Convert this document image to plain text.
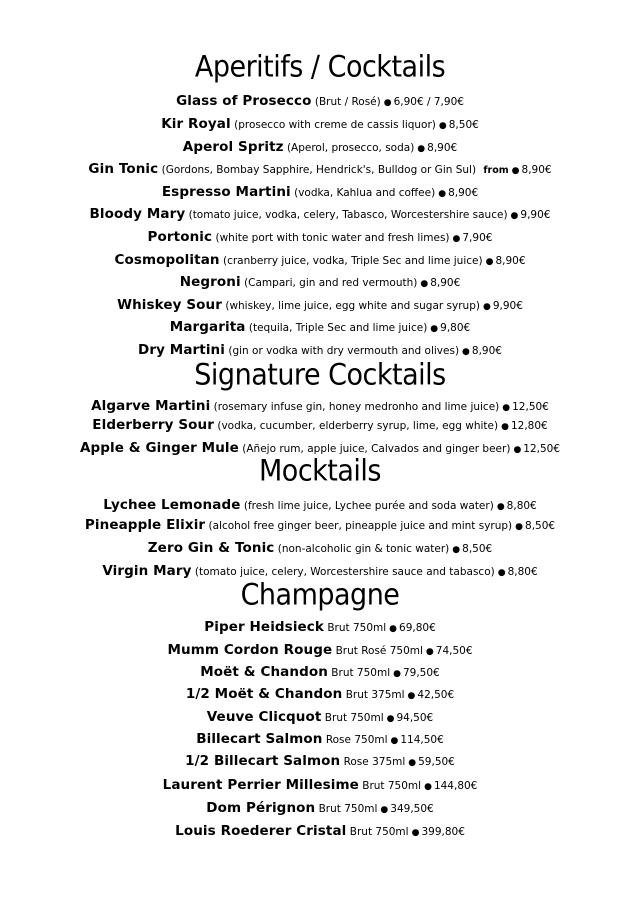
Aperitifs / Cocktails
Glass of Prosecco (Brut / Rosé) ● 6,90€ / 7,90€
Kir Royal (prosecco with creme de cassis liquor) ● 8,50€
Aperol Spritz (Aperol, prosecco, soda) ● 8,90€
Gin Tonic (Gordons, Bombay Sapphire, Hendrick's, Bulldog or Gin Sul) from ● 8,90€
Espresso Martini (vodka, Kahlua and coffee) ● 8,90€
Bloody Mary (tomato juice, vodka, celery, Tabasco, Worcestershire sauce) ● 9,90€
Portonic (white port with tonic water and fresh limes) ● 7,90€
Cosmopolitan (cranberry juice, vodka, Triple Sec and lime juice) ● 8,90€
Negroni (Campari, gin and red vermouth) ● 8,90€
Whiskey Sour (whiskey, lime juice, egg white and sugar syrup) ● 9,90€
Margarita (tequila, Triple Sec and lime juice) ● 9,80€
Dry Martini (gin or vodka with dry vermouth and olives) ● 8,90€
Signature Cocktails
Algarve Martini (rosemary infuse gin, honey medronho and lime juice) ● 12,50€
Elderberry Sour (vodka, cucumber, elderberry syrup, lime, egg white) ● 12,80€
Apple & Ginger Mule (Añejo rum, apple juice, Calvados and ginger beer) ● 12,50€
Mocktails
Lychee Lemonade (fresh lime juice, Lychee purée and soda water) ● 8,80€
Pineapple Elixir (alcohol free ginger beer, pineapple juice and mint syrup) ● 8,50€
Zero Gin & Tonic (non-alcoholic gin & tonic water) ● 8,50€
Virgin Mary (tomato juice, celery, Worcestershire sauce and tabasco) ● 8,80€
Champagne
Piper Heidsieck Brut 750ml ● 69,80€
Mumm Cordon Rouge Brut Rosé 750ml ● 74,50€
Moët & Chandon Brut 750ml ● 79,50€
1/2 Moët & Chandon Brut 375ml ● 42,50€
Veuve Clicquot Brut 750ml ● 94,50€
Billecart Salmon Rose 750ml ● 114,50€
1/2 Billecart Salmon Rose 375ml ● 59,50€
Laurent Perrier Millesime Brut 750ml ● 144,80€
Dom Pérignon Brut 750ml ● 349,50€
Louis Roederer Cristal Brut 750ml ● 399,80€
